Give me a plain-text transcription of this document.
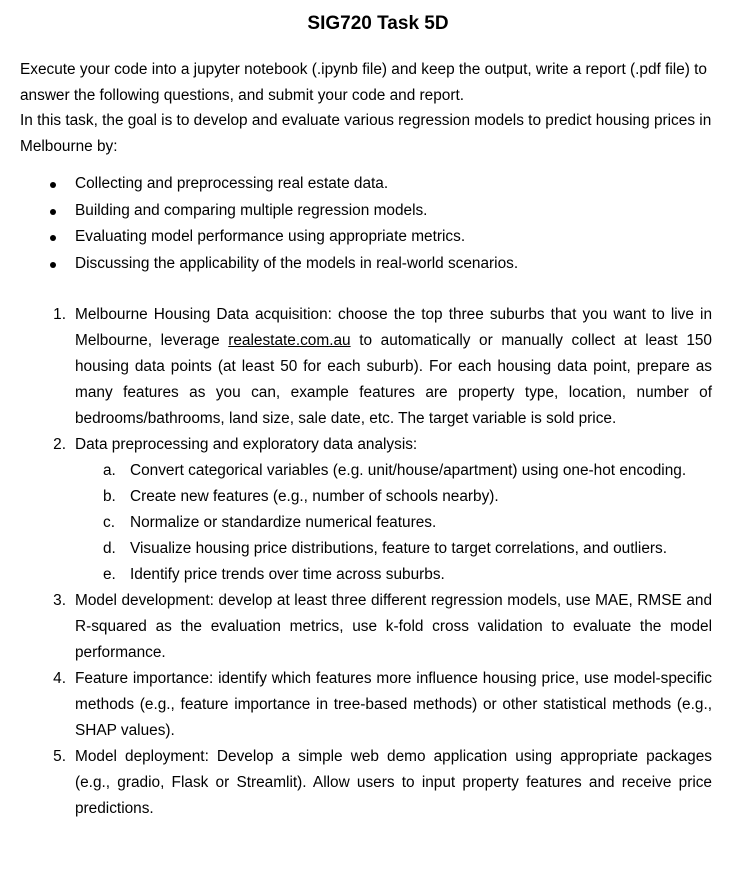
SIG720 Task 5D

Execute your code into a jupyter notebook (.ipynb file) and keep the output, write a report (.pdf file) to answer the following questions, and submit your code and report.

In this task, the goal is to develop and evaluate various regression models to predict housing prices in Melbourne by:

Collecting and preprocessing real estate data.
Building and comparing multiple regression models.
Evaluating model performance using appropriate metrics.
Discussing the applicability of the models in real-world scenarios.
1. Melbourne Housing Data acquisition: choose the top three suburbs that you want to live in Melbourne, leverage realestate.com.au to automatically or manually collect at least 150 housing data points (at least 50 for each suburb). For each housing data point, prepare as many features as you can, example features are property type, location, number of bedrooms/bathrooms, land size, sale date, etc. The target variable is sold price.
2. Data preprocessing and exploratory data analysis:
a. Convert categorical variables (e.g. unit/house/apartment) using one-hot encoding.
b. Create new features (e.g., number of schools nearby).
c. Normalize or standardize numerical features.
d. Visualize housing price distributions, feature to target correlations, and outliers.
e. Identify price trends over time across suburbs.
3. Model development: develop at least three different regression models, use MAE, RMSE and R-squared as the evaluation metrics, use k-fold cross validation to evaluate the model performance.
4. Feature importance: identify which features more influence housing price, use model-specific methods (e.g., feature importance in tree-based methods) or other statistical methods (e.g., SHAP values).
5. Model deployment: Develop a simple web demo application using appropriate packages (e.g., gradio, Flask or Streamlit). Allow users to input property features and receive price predictions.
